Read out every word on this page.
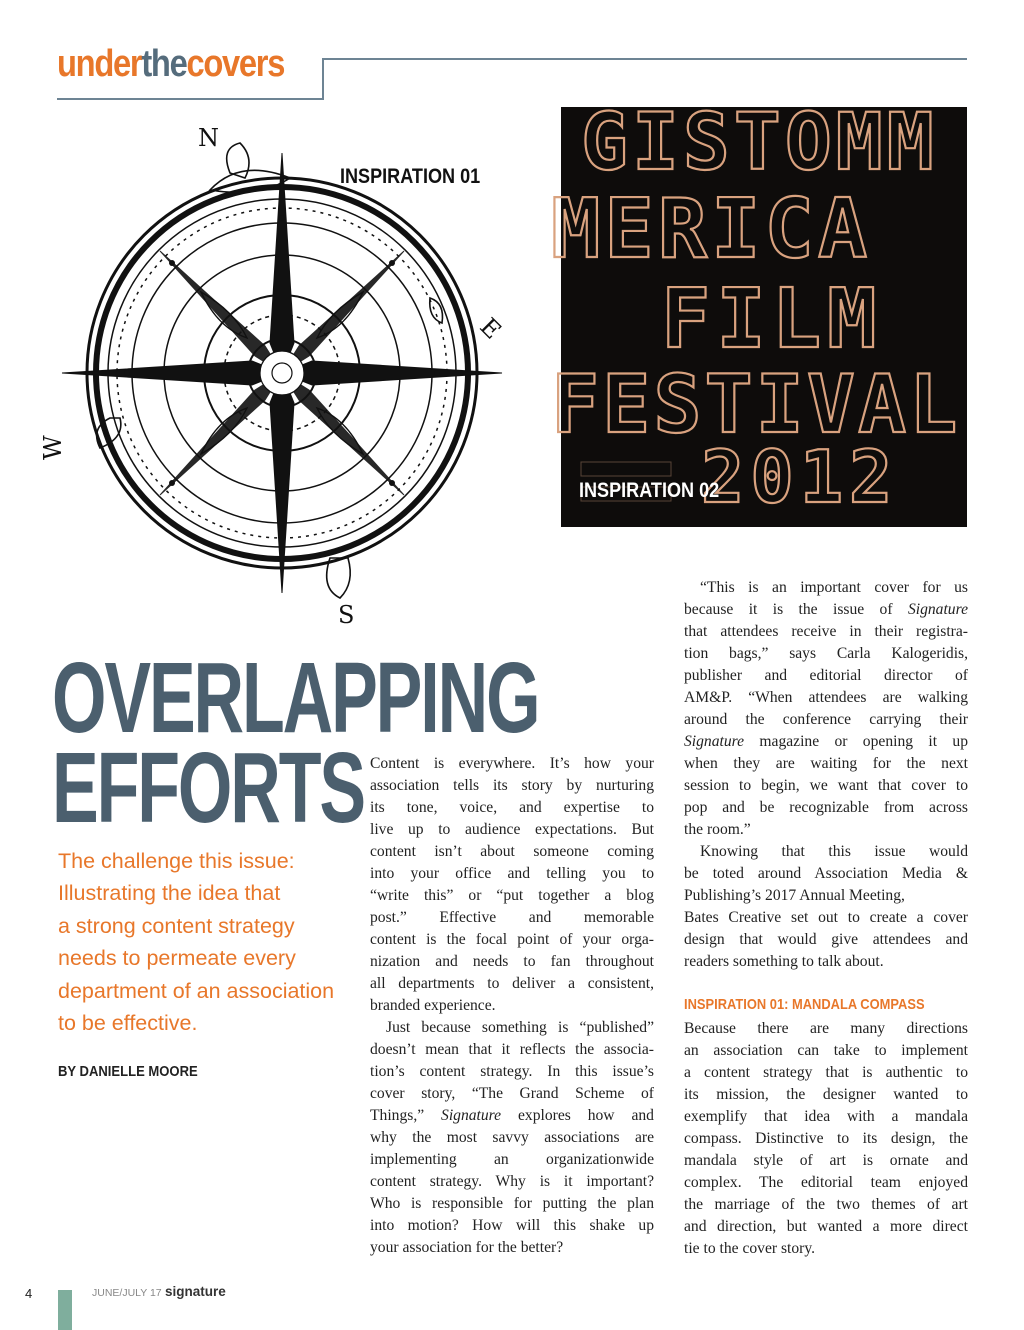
underthecovers
N
E
S
W
INSPIRATION 01 GISTOMM
MERICA
FILM
FESTIVAL
2012
INSPIRATION 02
OVERLAPPING
EFFORTS
The challenge this issue:
Illustrating the idea that
a strong content strategy
needs to permeate every
department of an association
to be effective.
BY DANIELLE MOORE
Content is everywhere. It’s how your
association tells its story by nurturing
its tone, voice, and expertise to
live up to audience expectations. But
content isn’t about someone coming
into your office and telling you to
“write this” or “put together a blog
post.” Effective and memorable
content is the focal point of your orga-
nization and needs to fan throughout
all departments to deliver a consistent,
branded experience.
Just because something is “published”
doesn’t mean that it reflects the associa-
tion’s content strategy. In this issue’s
cover story, “The Grand Scheme of
Things,” Signature explores how and
why the most savvy associations are
implementing an organizationwide
content strategy. Why is it important?
Who is responsible for putting the plan
into motion? How will this shake up
your association for the better?
“This is an important cover for us
because it is the issue of Signature
that attendees receive in their registra-
tion bags,” says Carla Kalogeridis,
publisher and editorial director of
AM&P. “When attendees are walking
around the conference carrying their
Signature magazine or opening it up
when they are waiting for the next
session to begin, we want that cover to
pop and be recognizable from across
the room.”
Knowing that this issue would
be toted around Association Media &
Publishing’s 2017 Annual Meeting,
Bates Creative set out to create a cover
design that would give attendees and
readers something to talk about.
INSPIRATION 01: MANDALA COMPASS
Because there are many directions
an association can take to implement
a content strategy that is authentic to
its mission, the designer wanted to
exemplify that idea with a mandala
compass. Distinctive to its design, the
mandala style of art is ornate and
complex. The editorial team enjoyed
the marriage of the two themes of art
and direction, but wanted a more direct
tie to the cover story.
4	JUNE/JULY 17 signature
